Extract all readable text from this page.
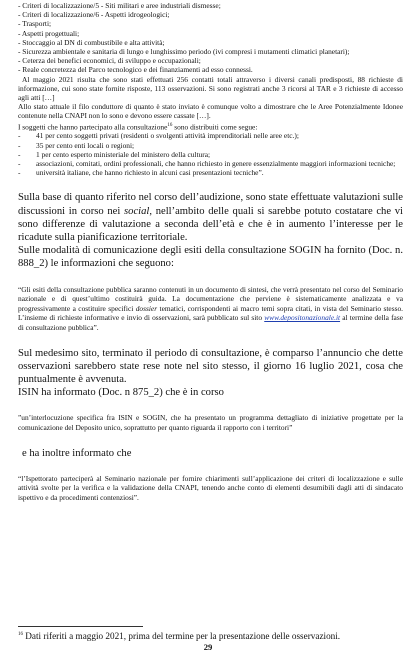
- Criteri di localizzazione/5 - Siti militari e aree industriali dismesse;
- Criteri di localizzazione/6 - Aspetti idrogeologici;
- Trasporti;
- Aspetti progettuali;
- Stoccaggio al DN di combustibile e alta attività;
- Sicurezza ambientale e sanitaria di lungo e lunghissimo periodo (ivi compresi i mutamenti climatici planetari);
- Ceterza dei benefici economici, di sviluppo e occupazionali;
- Reale concretezza del Parco tecnologico e dei finanziamenti ad esso connessi.

Al maggio 2021 risulta che sono stati effettuati 256 contatti totali attraverso i diversi canali predisposti, 88 richieste di informazione, cui sono state fornite risposte, 113 osservazioni. Si sono registrati anche 3 ricorsi al TAR e 3 richieste di accesso agli atti […]

Allo stato attuale il filo conduttore di quanto è stato inviato è comunque volto a dimostrare che le Aree Potenzialmente Idonee contenute nella CNAPI non lo sono e devono essere cassate […].

I soggetti che hanno partecipato alla consultazione$^{16}$ sono distribuiti come segue:

- 41 per cento soggetti privati (residenti o svolgenti attività imprenditoriali nelle aree etc.);
- 35 per cento enti locali o regioni;
- 1 per cento esperto ministeriale del ministero della cultura;
- associazioni, comitati, ordini professionali, che hanno richiesto in genere essenzialmente maggiori informazioni tecniche;
- università italiane, che hanno richiesto in alcuni casi presentazioni tecniche”.

Sulla base di quanto riferito nel corso dell’audizione, sono state effettuate valutazioni sulle discussioni in corso nei social, nell’ambito delle quali si sarebbe potuto costatare che vi sono differenze di valutazione a seconda dell’età e che è in aumento l’interesse per le ricadute sulla pianificazione territoriale.

Sulle modalità di comunicazione degli esiti della consultazione SOGIN ha fornito (Doc. n. 888_2) le informazioni che seguono:

“Gli esiti della consultazione pubblica saranno contenuti in un documento di sintesi, che verrà presentato nel corso del Seminario nazionale e di quest’ultimo costituirà guida. La documentazione che perviene è sistematicamente analizzata e va progressivamente a costituire specifici dossier tematici, corrispondenti ai macro temi sopra citati, in vista del Seminario stesso. L’insieme di richieste informative e invio di osservazioni, sarà pubblicato sul sito www.depositonazionale.it al termine della fase di consultazione pubblica”.

Sul medesimo sito, terminato il periodo di consultazione, è comparso l’annuncio che dette osservazioni sarebbero state rese note nel sito stesso, il giorno 16 luglio 2021, cosa che puntualmente è avvenuta.

ISIN ha informato (Doc. n 875_2) che è in corso

”un’interlocuzione specifica fra ISIN e SOGIN, che ha presentato un programma dettagliato di iniziative progettate per la comunicazione del Deposito unico, soprattutto per quanto riguarda il rapporto con i territori”

e ha inoltre informato che

“l’Ispettorato parteciperà al Seminario nazionale per fornire chiarimenti sull’applicazione dei criteri di localizzazione e sulle attività svolte per la verifica e la validazione della CNAPI, tenendo anche conto di elementi desumibili dagli atti di sindacato ispettivo e da procedimenti contenziosi”.

$^{16}$ Dati riferiti a maggio 2021, prima del termine per la presentazione delle osservazioni.
29
